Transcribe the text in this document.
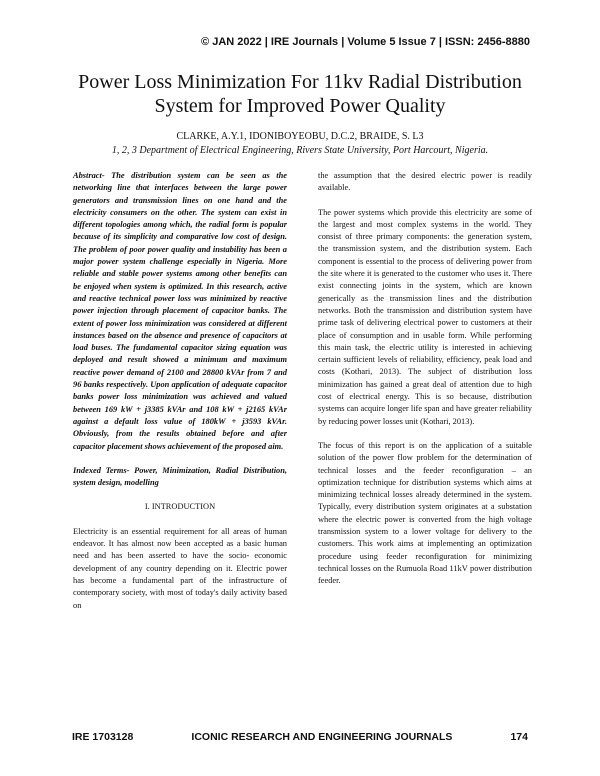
© JAN 2022 | IRE Journals | Volume 5 Issue 7 | ISSN: 2456-8880
Power Loss Minimization For 11kv Radial Distribution
System for Improved Power Quality
CLARKE, A.Y.1, IDONIBOYEOBU, D.C.2, BRAIDE, S. L3
1, 2, 3 Department of Electrical Engineering, Rivers State University, Port Harcourt, Nigeria.

Abstract- The distribution system can be seen as the networking line that interfaces between the large power generators and transmission lines on one hand and the electricity consumers on the other. The system can exist in different topologies among which, the radial form is popular because of its simplicity and comparative low cost of design. The problem of poor power quality and instability has been a major power system challenge especially in Nigeria. More reliable and stable power systems among other benefits can be enjoyed when system is optimized. In this research, active and reactive technical power loss was minimized by reactive power injection through placement of capacitor banks. The extent of power loss minimization was considered at different instances based on the absence and presence of capacitors at load buses. The fundamental capacitor sizing equation was deployed and result showed a minimum and maximum reactive power demand of 2100 and 28800 kVAr from 7 and 96 banks respectively. Upon application of adequate capacitor banks power loss minimization was achieved and valued between 169 kW + j3385 kVAr and 108 kW + j2165 kVAr against a default loss value of 180kW + j3593 kVAr. Obviously, from the results obtained before and after capacitor placement shows achievement of the proposed aim.

Indexed Terms- Power, Minimization, Radial Distribution, system design, modelling

I. INTRODUCTION

Electricity is an essential requirement for all areas of human endeavor. It has almost now been accepted as a basic human need and has been asserted to have the socio- economic development of any country depending on it. Electric power has become a fundamental part of the infrastructure of contemporary society, with most of today's daily activity based on

the assumption that the desired electric power is readily available.

The power systems which provide this electricity are some of the largest and most complex systems in the world. They consist of three primary components: the generation system, the transmission system, and the distribution system. Each component is essential to the process of delivering power from the site where it is generated to the customer who uses it. There exist connecting joints in the system, which are known generically as the transmission lines and the distribution networks. Both the transmission and distribution system have prime task of delivering electrical power to customers at their place of consumption and in usable form. While performing this main task, the electric utility is interested in achieving certain sufficient levels of reliability, efficiency, peak load and costs (Kothari, 2013). The subject of distribution loss minimization has gained a great deal of attention due to high cost of electrical energy. This is so because, distribution systems can acquire longer life span and have greater reliability by reducing power losses unit (Kothari, 2013).

The focus of this report is on the application of a suitable solution of the power flow problem for the determination of technical losses and the feeder reconfiguration – an optimization technique for distribution systems which aims at minimizing technical losses already determined in the system. Typically, every distribution system originates at a substation where the electric power is converted from the high voltage transmission system to a lower voltage for delivery to the customers. This work aims at implementing an optimization procedure using feeder reconfiguration for minimizing technical losses on the Rumuola Road 11kV power distribution feeder.

IRE 1703128	ICONIC RESEARCH AND ENGINEERING JOURNALS	174
